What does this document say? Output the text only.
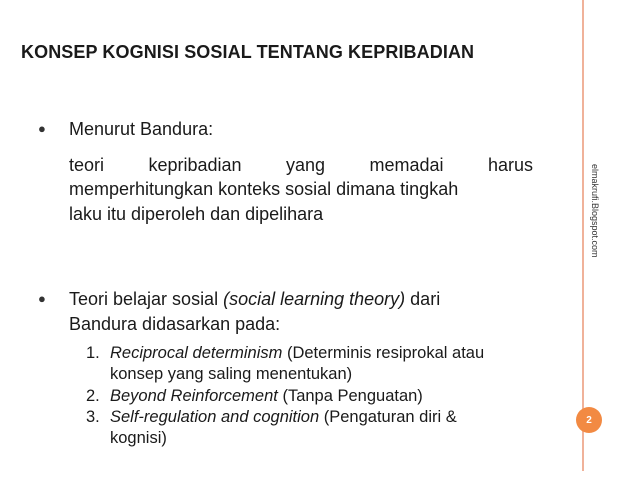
KONSEP KOGNISI SOSIAL TENTANG KEPRIBADIAN
● Menurut Bandura:
teori kepribadian yang memadai harus
memperhitungkan konteks sosial dimana tingkah
laku itu diperoleh dan dipelihara
● Teori belajar sosial (social learning theory) dari
Bandura didasarkan pada:
1. Reciprocal determinism (Determinis resiprokal atau
konsep yang saling menentukan)
2. Beyond Reinforcement (Tanpa Penguatan)
3. Self-regulation and cognition (Pengaturan diri &
kognisi)
elmakrufi.Blogspot.com
2
